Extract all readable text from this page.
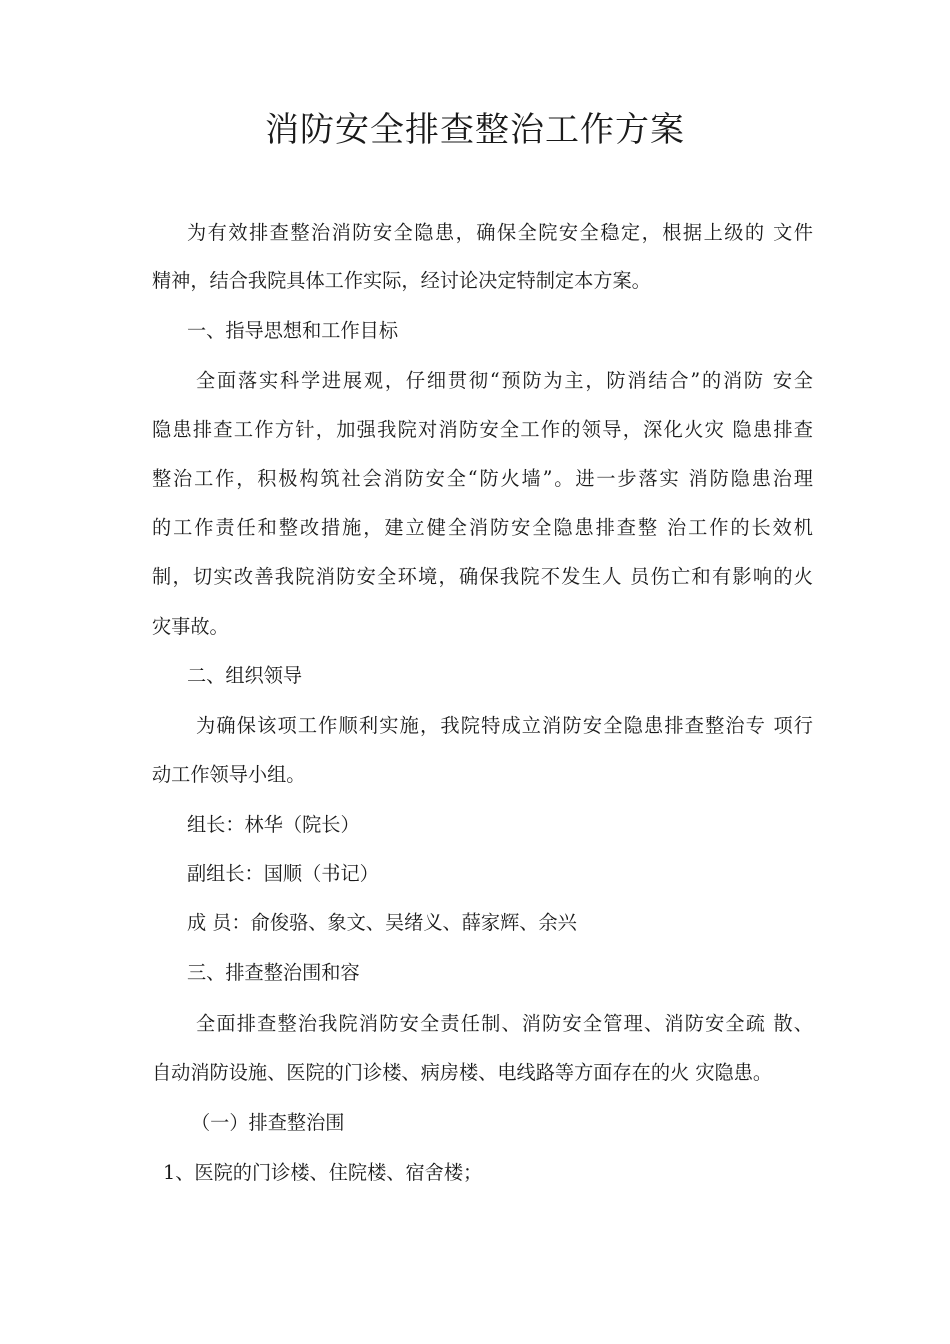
消防安全排查整治工作方案
为有效排查整治消防安全隐患，确保全院安全稳定，根据上级的 文件
精神，结合我院具体工作实际，经讨论决定特制定本方案。
一、指导思想和工作目标
全面落实科学进展观，仔细贯彻“预防为主，防消结合”的消防 安全
隐患排查工作方针，加强我院对消防安全工作的领导，深化火灾 隐患排查
整治工作，积极构筑社会消防安全“防火墙”。进一步落实 消防隐患治理
的工作责任和整改措施，建立健全消防安全隐患排查整 治工作的长效机
制，切实改善我院消防安全环境，确保我院不发生人 员伤亡和有影响的火
灾事故。
二、组织领导
为确保该项工作顺利实施，我院特成立消防安全隐患排查整治专 项行
动工作领导小组。
组长：林华（院长）
副组长：国顺（书记）
成 员：俞俊骆、象文、吴绪义、薛家辉、余兴
三、排查整治围和容
全面排查整治我院消防安全责任制、消防安全管理、消防安全疏 散、
自动消防设施、医院的门诊楼、病房楼、电线路等方面存在的火 灾隐患。
（一）排查整治围
1、医院的门诊楼、住院楼、宿舍楼；
